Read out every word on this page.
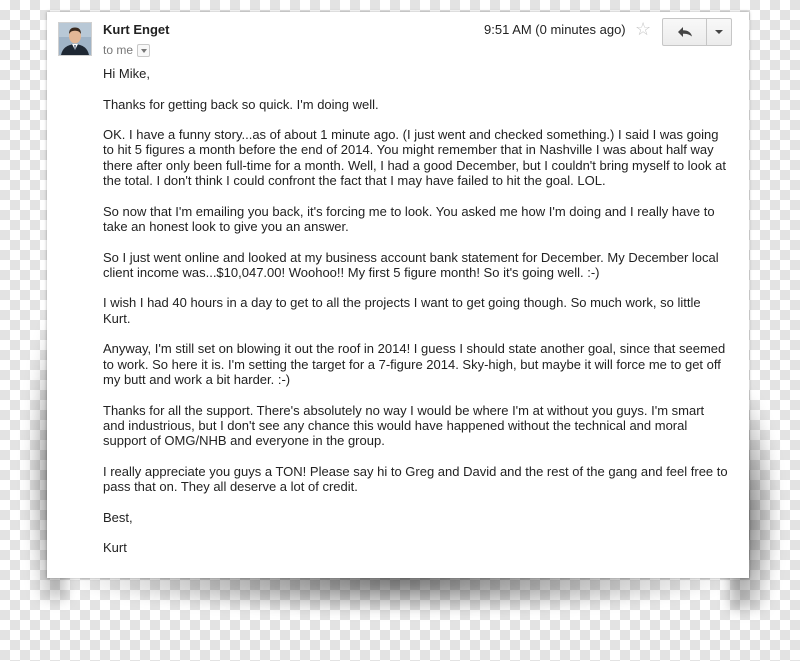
Kurt Enget
to me
9:51 AM (0 minutes ago) ☆

Hi Mike,

Thanks for getting back so quick. I'm doing well.

OK. I have a funny story...as of about 1 minute ago. (I just went and checked something.) I said I was going to hit 5 figures a month before the end of 2014. You might remember that in Nashville I was about half way there after only been full-time for a month. Well, I had a good December, but I couldn't bring myself to look at the total. I don't think I could confront the fact that I may have failed to hit the goal. LOL.

So now that I'm emailing you back, it's forcing me to look. You asked me how I'm doing and I really have to take an honest look to give you an answer.

So I just went online and looked at my business account bank statement for December. My December local client income was...$10,047.00! Woohoo!! My first 5 figure month! So it's going well. :-)

I wish I had 40 hours in a day to get to all the projects I want to get going though. So much work, so little Kurt.

Anyway, I'm still set on blowing it out the roof in 2014! I guess I should state another goal, since that seemed to work. So here it is. I'm setting the target for a 7-figure 2014. Sky-high, but maybe it will force me to get off my butt and work a bit harder. :-)

Thanks for all the support. There's absolutely no way I would be where I'm at without you guys. I'm smart and industrious, but I don't see any chance this would have happened without the technical and moral support of OMG/NHB and everyone in the group.

I really appreciate you guys a TON! Please say hi to Greg and David and the rest of the gang and feel free to pass that on. They all deserve a lot of credit.

Best,

Kurt
